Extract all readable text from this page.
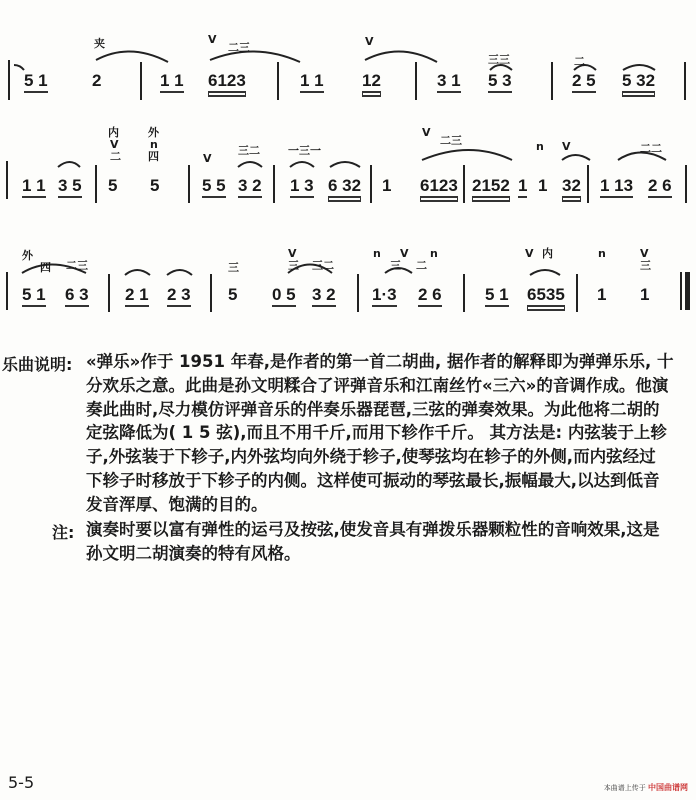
夹	V
二三	V
三三	二
5 1	2	1 1 6123	1 1 12	3 1 5 3	2 5 5 32
内
V
二
外
n
四	V
三二	一三一
V
二三	n V	二二
1 1 3 5 5 5	5 5 3 2 1 3 6 32 1 6123 2152 1 1 32 1 13 2 6
外
四 二三	三
V
三 三二
n
三
V
二
n	V 内	n	V
三
5 1 6 3 2 1 2 3 5 0 5 3 2 1·3 2 6	5 1 6535 1 1
乐曲说明: «弹乐»作于 1951 年春,是作者的第一首二胡曲, 据作者的解释即为弹弹乐乐, 十
分欢乐之意。此曲是孙文明糅合了评弹音乐和江南丝竹«三六»的音调作成。他演
奏此曲时,尽力模仿评弹音乐的伴奏乐器琵琶,三弦的弹奏效果。为此他将二胡的
定弦降低为( 1 5 弦),而且不用千斤,而用下轸作千斤。 其方法是: 内弦装于上轸
子,外弦装于下轸子,内外弦均向外绕于轸子,使琴弦均在轸子的外侧,而内弦经过
下轸子时移放于下轸子的内侧。这样使可振动的琴弦最长,振幅最大,以达到低音
发音浑厚、饱满的目的。
注: 演奏时要以富有弹性的运弓及按弦,使发音具有弹拨乐器颗粒性的音响效果,这是
孙文明二胡演奏的特有风格。
5-5	本曲谱上传于 中国曲谱网
